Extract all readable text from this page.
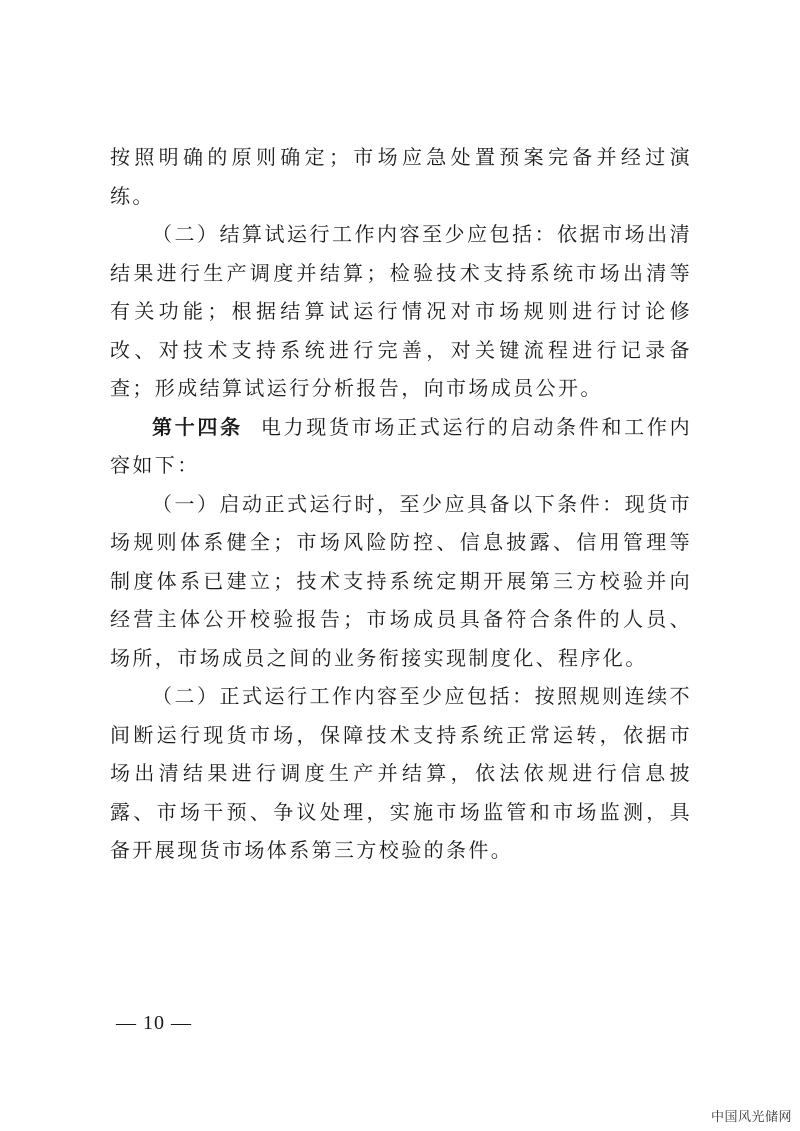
按照明确的原则确定；市场应急处置预案完备并经过演练。

（二）结算试运行工作内容至少应包括：依据市场出清结果进行生产调度并结算；检验技术支持系统市场出清等有关功能；根据结算试运行情况对市场规则进行讨论修改、对技术支持系统进行完善，对关键流程进行记录备查；形成结算试运行分析报告，向市场成员公开。

第十四条 电力现货市场正式运行的启动条件和工作内容如下：

（一）启动正式运行时，至少应具备以下条件：现货市场规则体系健全；市场风险防控、信息披露、信用管理等制度体系已建立；技术支持系统定期开展第三方校验并向经营主体公开校验报告；市场成员具备符合条件的人员、场所，市场成员之间的业务衔接实现制度化、程序化。

（二）正式运行工作内容至少应包括：按照规则连续不间断运行现货市场，保障技术支持系统正常运转，依据市场出清结果进行调度生产并结算，依法依规进行信息披露、市场干预、争议处理，实施市场监管和市场监测，具备开展现货市场体系第三方校验的条件。

— 10 —
中国风光储网
